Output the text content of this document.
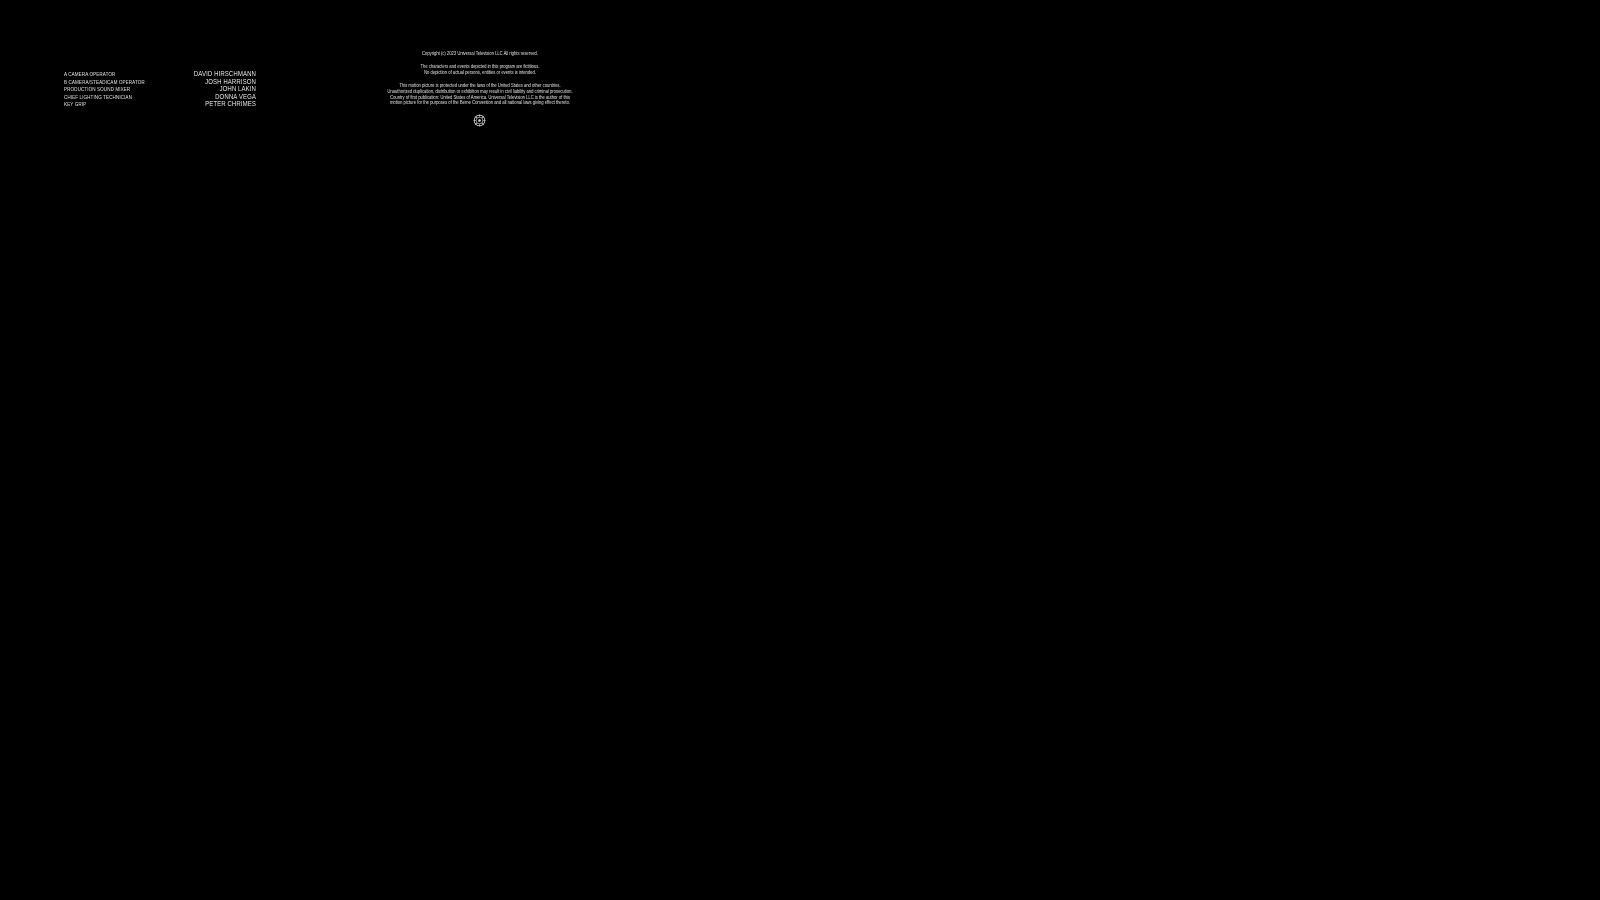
A CAMERA OPERATOR
B CAMERA/STEADICAM OPERATOR
PRODUCTION SOUND MIXER
CHIEF LIGHTING TECHNICIAN
KEY GRIP
DAVID HIRSCHMANN
JOSH HARRISON
JOHN LAKIN
DONNA VEGA
PETER CHRIMES
Copyright (c) 2023 Universal Television LLC All rights reserved.
The characters and events depicted in this program are fictitious.
No depiction of actual persons, entities or events is intended.
This motion picture is protected under the laws of the United States and other countries.
Unauthorized duplication, distribution or exhibition may result in civil liability and criminal prosecution.
Country of first publication: United States of America. Universal Television LLC is the author of this
motion picture for the purposes of the Berne Convention and all national laws giving effect thereto.
